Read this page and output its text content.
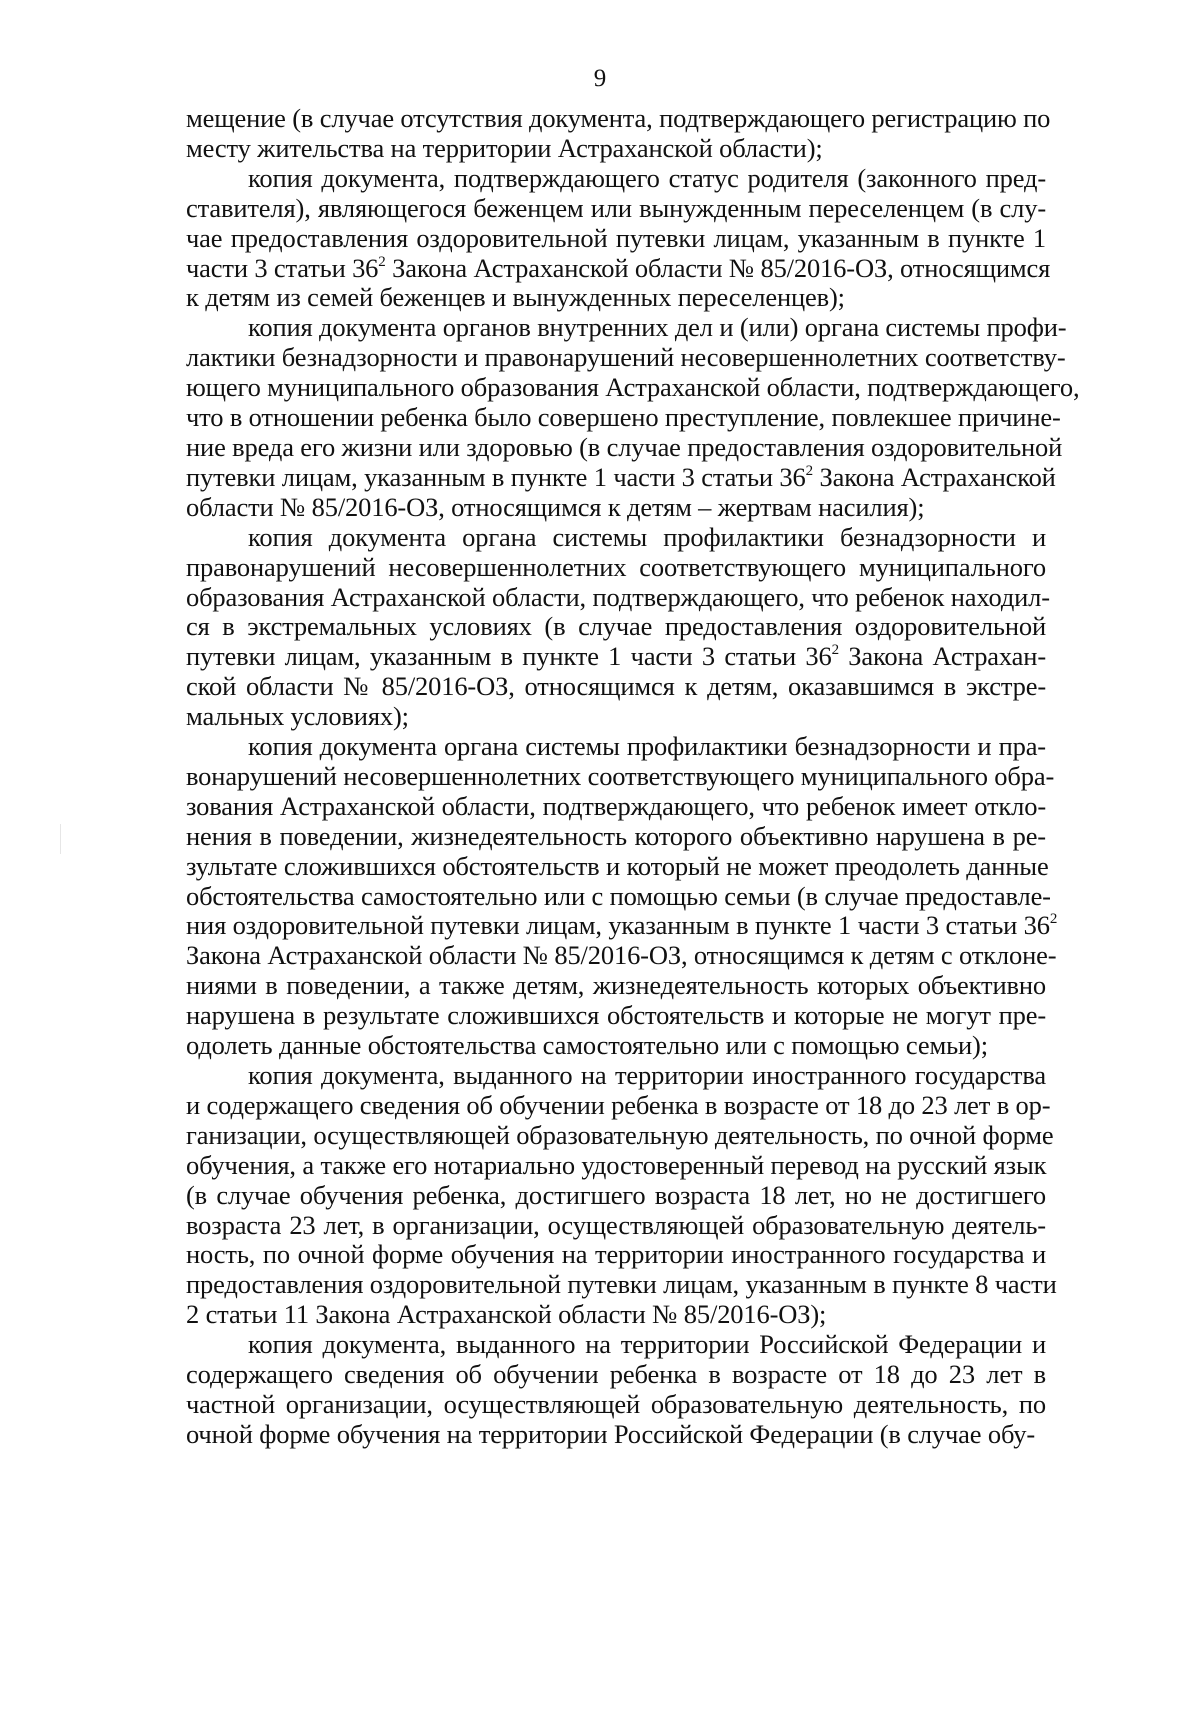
9
мещение (в случае отсутствия документа, подтверждающего регистрацию по
месту жительства на территории Астраханской области);
копия документа, подтверждающего статус родителя (законного пред-
ставителя), являющегося беженцем или вынужденным переселенцем (в слу-
чае предоставления оздоровительной путевки лицам, указанным в пункте 1
части 3 статьи $36^2$ Закона Астраханской области № 85/2016-ОЗ, относящимся
к детям из семей беженцев и вынужденных переселенцев);
копия документа органов внутренних дел и (или) органа системы профи-
лактики безнадзорности и правонарушений несовершеннолетних соответству-
ющего муниципального образования Астраханской области, подтверждающего,
что в отношении ребенка было совершено преступление, повлекшее причине-
ние вреда его жизни или здоровью (в случае предоставления оздоровительной
путевки лицам, указанным в пункте 1 части 3 статьи $36^2$ Закона Астраханской
области № 85/2016-ОЗ, относящимся к детям – жертвам насилия);
копия документа органа системы профилактики безнадзорности и
правонарушений несовершеннолетних соответствующего муниципального
образования Астраханской области, подтверждающего, что ребенок находил-
ся в экстремальных условиях (в случае предоставления оздоровительной
путевки лицам, указанным в пункте 1 части 3 статьи $36^2$ Закона Астрахан-
ской области № 85/2016-ОЗ, относящимся к детям, оказавшимся в экстре-
мальных условиях);
копия документа органа системы профилактики безнадзорности и пра-
вонарушений несовершеннолетних соответствующего муниципального обра-
зования Астраханской области, подтверждающего, что ребенок имеет откло-
нения в поведении, жизнедеятельность которого объективно нарушена в ре-
зультате сложившихся обстоятельств и который не может преодолеть данные
обстоятельства самостоятельно или с помощью семьи (в случае предоставле-
ния оздоровительной путевки лицам, указанным в пункте 1 части 3 статьи $36^2$
Закона Астраханской области № 85/2016-ОЗ, относящимся к детям с отклоне-
ниями в поведении, а также детям, жизнедеятельность которых объективно
нарушена в результате сложившихся обстоятельств и которые не могут пре-
одолеть данные обстоятельства самостоятельно или с помощью семьи);
копия документа, выданного на территории иностранного государства
и содержащего сведения об обучении ребенка в возрасте от 18 до 23 лет в ор-
ганизации, осуществляющей образовательную деятельность, по очной форме
обучения, а также его нотариально удостоверенный перевод на русский язык
(в случае обучения ребенка, достигшего возраста 18 лет, но не достигшего
возраста 23 лет, в организации, осуществляющей образовательную деятель-
ность, по очной форме обучения на территории иностранного государства и
предоставления оздоровительной путевки лицам, указанным в пункте 8 части
2 статьи 11 Закона Астраханской области № 85/2016-ОЗ);
копия документа, выданного на территории Российской Федерации и
содержащего сведения об обучении ребенка в возрасте от 18 до 23 лет в
частной организации, осуществляющей образовательную деятельность, по
очной форме обучения на территории Российской Федерации (в случае обу-
